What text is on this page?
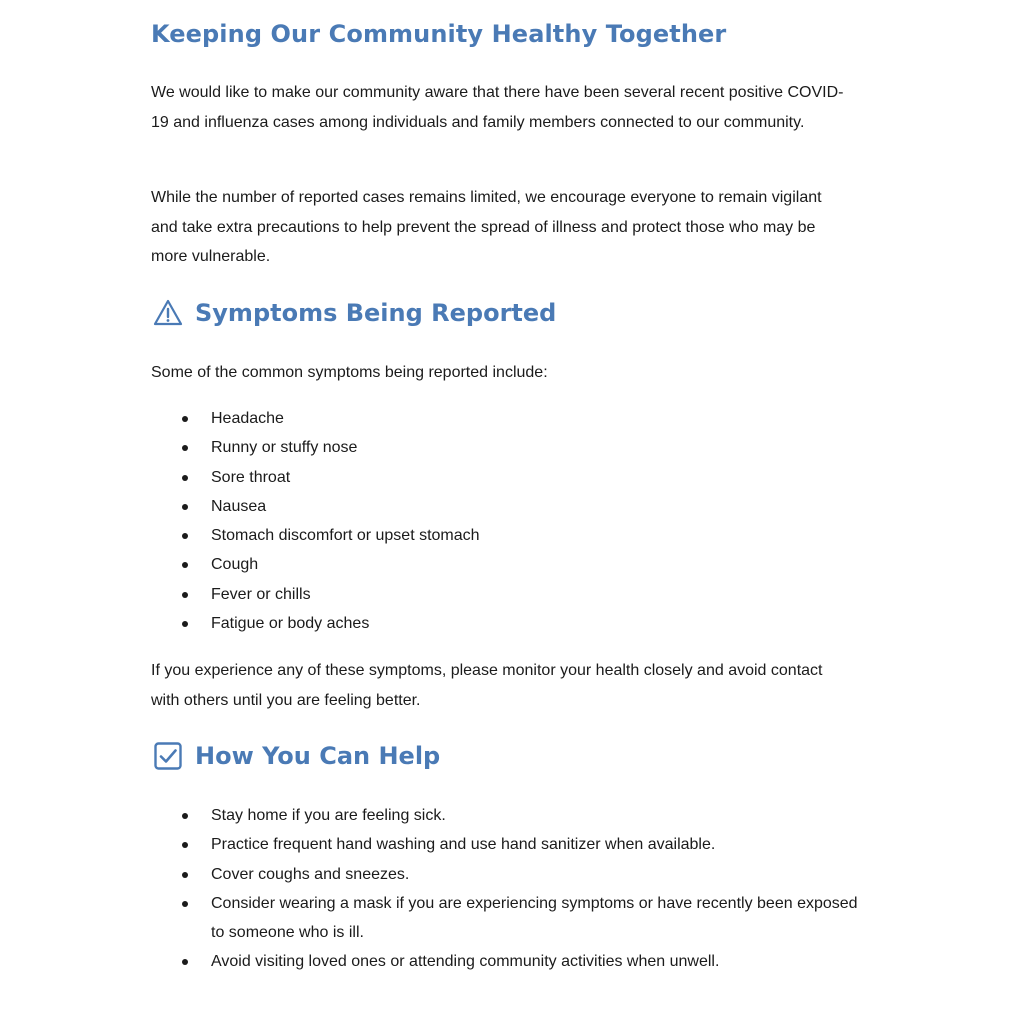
Keeping Our Community Healthy Together

We would like to make our community aware that there have been several recent positive COVID-19 and influenza cases among individuals and family members connected to our community.

While the number of reported cases remains limited, we encourage everyone to remain vigilant and take extra precautions to help prevent the spread of illness and protect those who may be more vulnerable.

Symptoms Being Reported

Some of the common symptoms being reported include:

Headache
Runny or stuffy nose
Sore throat
Nausea
Stomach discomfort or upset stomach
Cough
Fever or chills
Fatigue or body aches

If you experience any of these symptoms, please monitor your health closely and avoid contact with others until you are feeling better.

How You Can Help
Stay home if you are feeling sick.
Practice frequent hand washing and use hand sanitizer when available.
Cover coughs and sneezes.
Consider wearing a mask if you are experiencing symptoms or have recently been exposed to someone who is ill.
Avoid visiting loved ones or attending community activities when unwell.
